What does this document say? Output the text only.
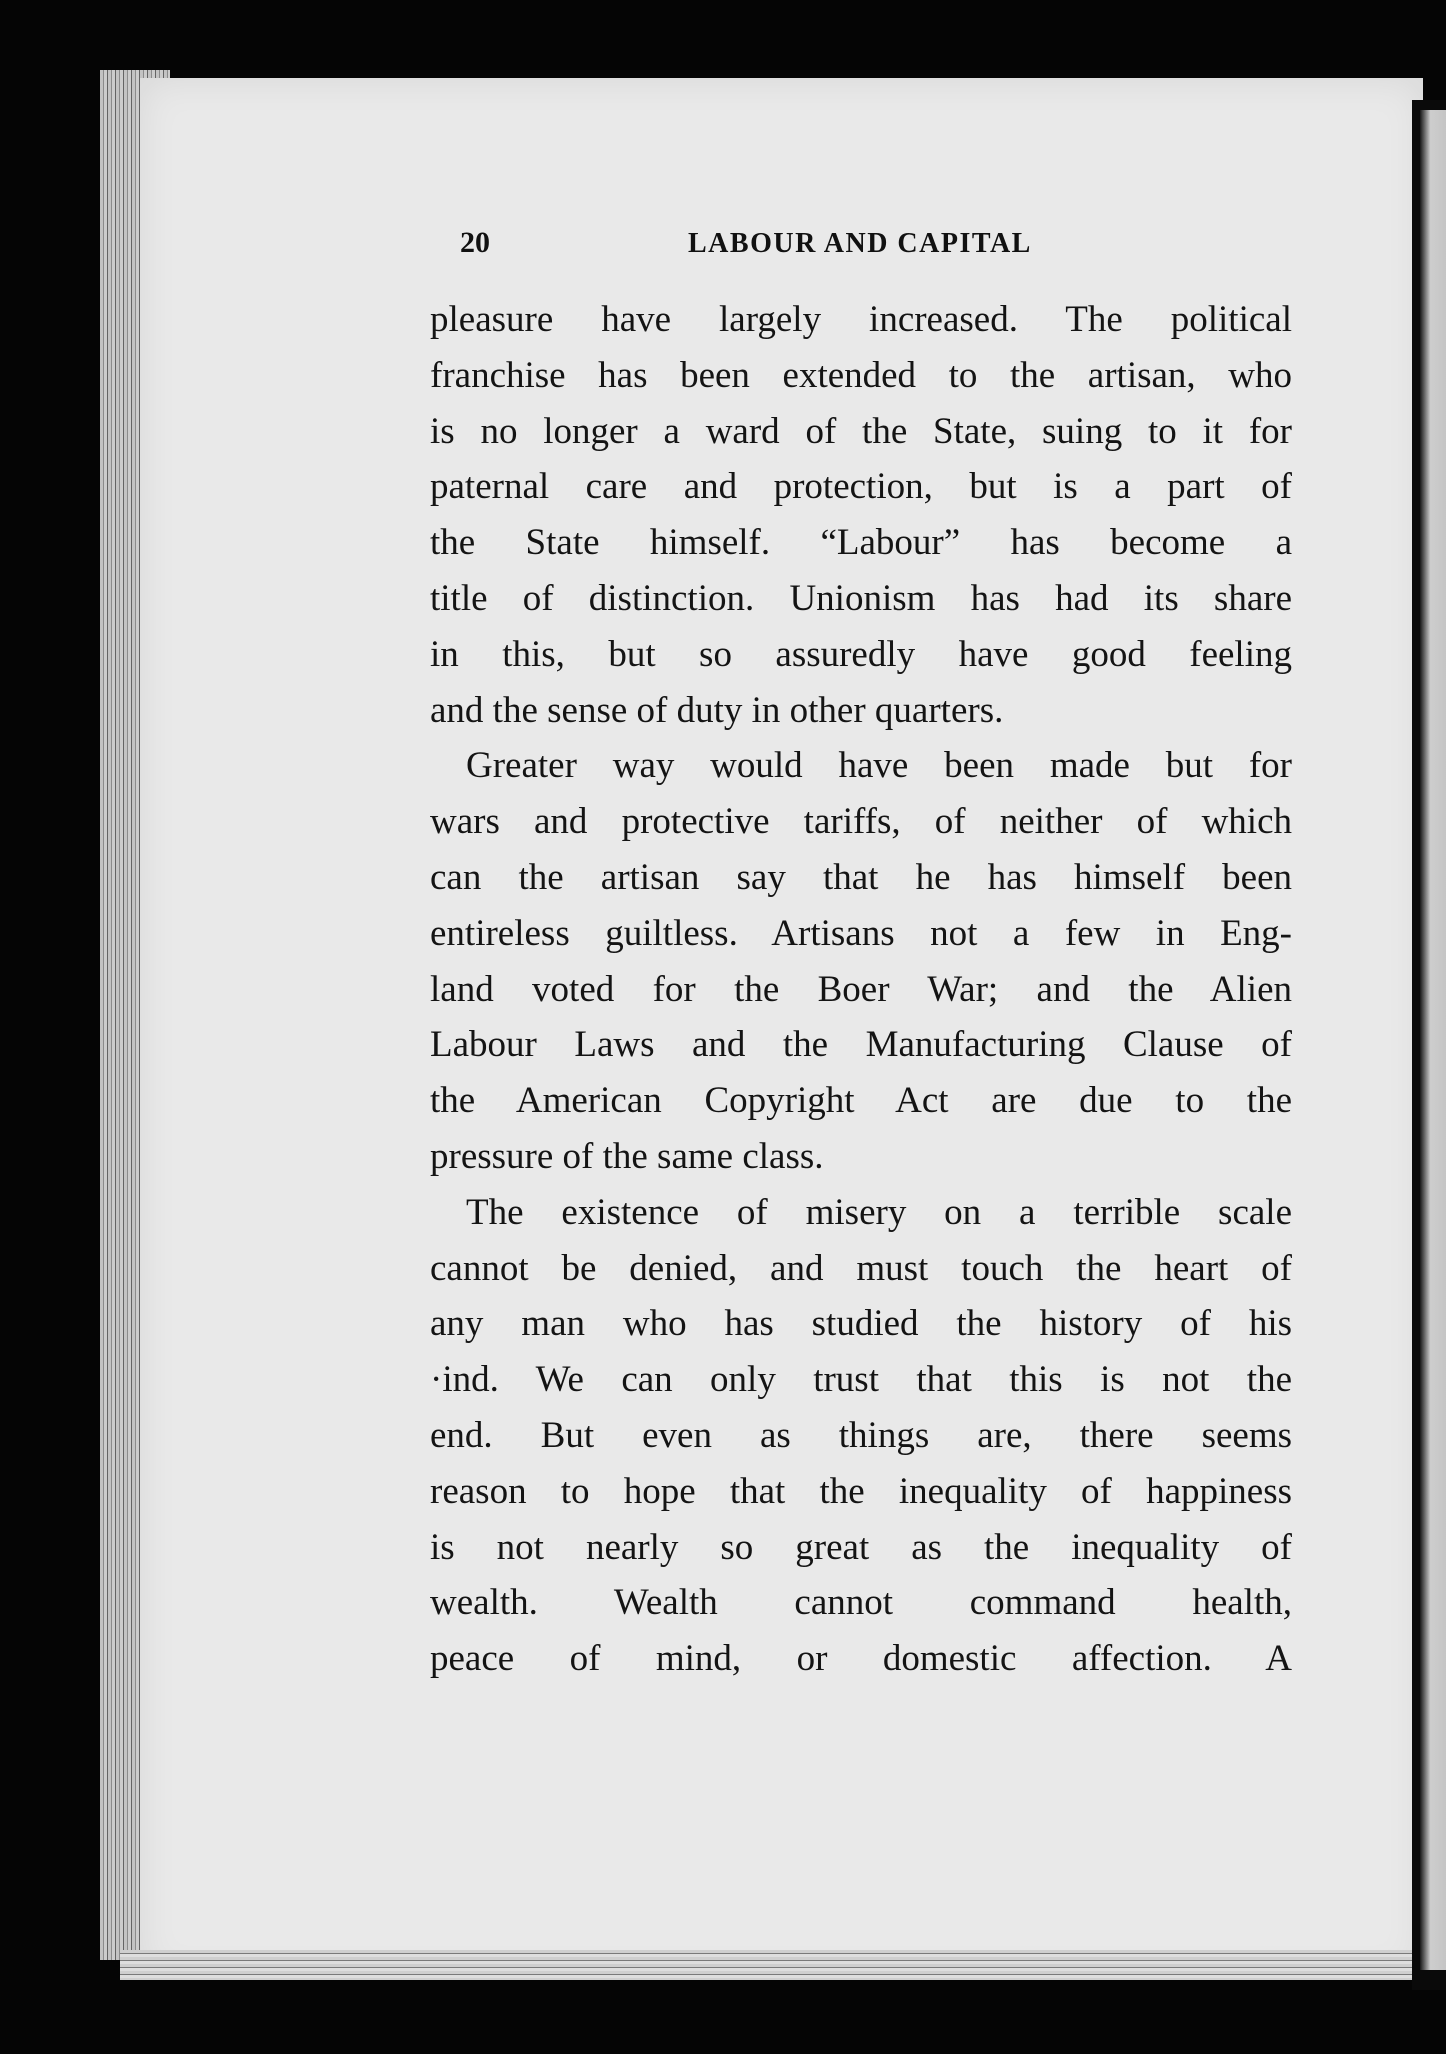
20	LABOUR AND CAPITAL
pleasure have largely increased. The political
franchise has been extended to the artisan, who
is no longer a ward of the State, suing to it for
paternal care and protection, but is a part of
the State himself. “Labour” has become a
title of distinction. Unionism has had its share
in this, but so assuredly have good feeling
and the sense of duty in other quarters.
Greater way would have been made but for
wars and protective tariffs, of neither of which
can the artisan say that he has himself been
entireless guiltless. Artisans not a few in Eng-
land voted for the Boer War; and the Alien
Labour Laws and the Manufacturing Clause of
the American Copyright Act are due to the
pressure of the same class.
The existence of misery on a terrible scale
cannot be denied, and must touch the heart of
any man who has studied the history of his
·ind. We can only trust that this is not the
end. But even as things are, there seems
reason to hope that the inequality of happiness
is not nearly so great as the inequality of
wealth. Wealth cannot command health,
peace of mind, or domestic affection. A
